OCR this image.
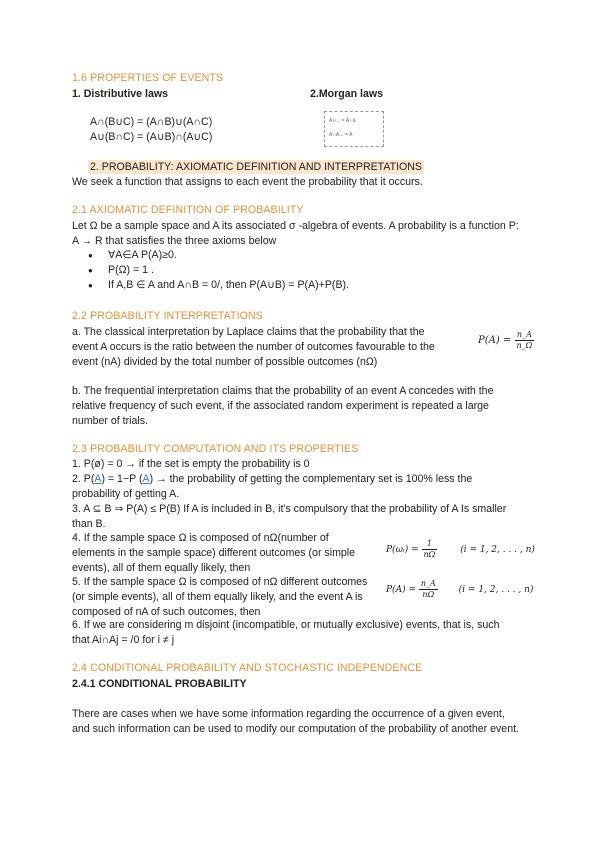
1.6 PROPERTIES OF EVENTS
1. Distributive laws	2.Morgan laws
A∩(B∪C) = (A∩B)∪(A∩C)
A∪(B∩C) = (A∪B)∩(A∪C)
A∪... = Ā∩ā
A∩A... = Ā
2. PROBABILITY: AXIOMATIC DEFINITION AND INTERPRETATIONS
We seek a function that assigns to each event the probability that it occurs.
2.1 AXIOMATIC DEFINITION OF PROBABILITY
Let Ω be a sample space and A its associated σ -algebra of events. A probability is a function P: A → R that satisfies the three axioms below
● ∀A∈A P(A)≥0.
● P(Ω) = 1 .
● If A,B ∈ A and A∩B = 0/, then P(A∪B) = P(A)+P(B).
2.2 PROBABILITY INTERPRETATIONS
a. The classical interpretation by Laplace claims that the probability that the event A occurs is the ratio between the number of outcomes favourable to the event (nA) divided by the total number of possible outcomes (nΩ)
$P(A) = \frac{n\_A}{n\_\Omega}$
b. The frequential interpretation claims that the probability of an event A concedes with the relative frequency of such event, if the associated random experiment is repeated a large number of trials.
2.3 PROBABILITY COMPUTATION AND ITS PROPERTIES
1. P(ø) = 0 → if the set is empty the probability is 0
2. P(A) = 1−P (A) → the probability of getting the complementary set is 100% less the probability of getting A.
3. A ⊆ B ⇒ P(A) ≤ P(B) If A is included in B, it's compulsory that the probability of A Is smaller than B.
4. If the sample space Ω is composed of nΩ(number of elements in the sample space) different outcomes (or simple events), all of them equally likely, then
P(ωᵢ) = $\frac{1}{n\Omega}$	(i = 1, 2, . . . , n)
5. If the sample space Ω is composed of nΩ different outcomes (or simple events), all of them equally likely, and the event A is composed of nA of such outcomes, then
$P(A) = \frac{n\_A}{n\Omega} (i = 1$, 2, . . . , n)
6. If we are considering m disjoint (incompatible, or mutually exclusive) events, that is, such that Ai∩Aj = /0 for i ≠ j
2.4 CONDITIONAL PROBABILITY AND STOCHASTIC INDEPENDENCE
2.4.1 CONDITIONAL PROBABILITY
There are cases when we have some information regarding the occurrence of a given event, and such information can be used to modify our computation of the probability of another event.
